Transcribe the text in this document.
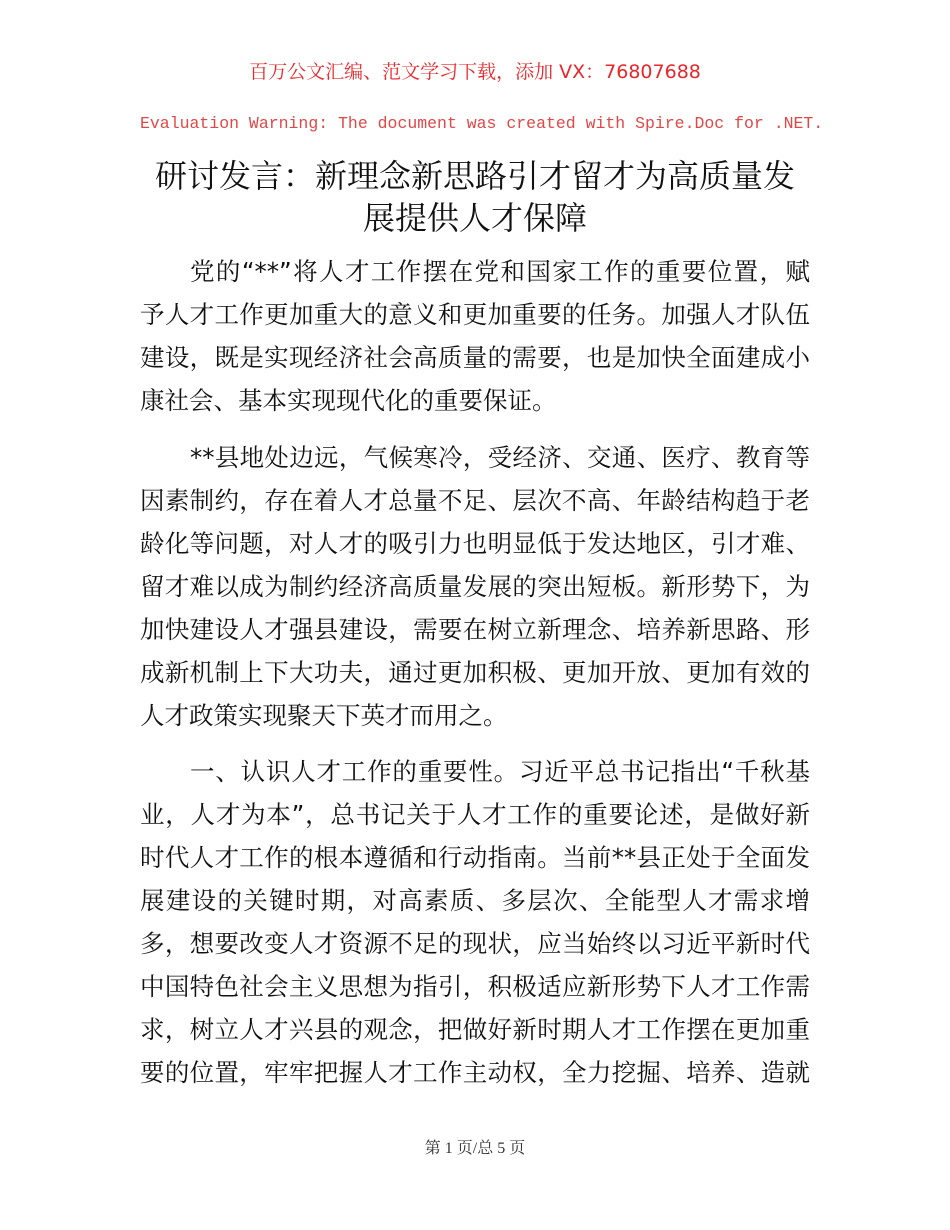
百万公文汇编、范文学习下载，添加 VX：76807688
Evaluation Warning: The document was created with Spire.Doc for .NET.
研讨发言：新理念新思路引才留才为高质量发
展提供人才保障
党的“**”将人才工作摆在党和国家工作的重要位置，赋
予人才工作更加重大的意义和更加重要的任务。加强人才队伍
建设，既是实现经济社会高质量的需要，也是加快全面建成小
康社会、基本实现现代化的重要保证。
**县地处边远，气候寒冷，受经济、交通、医疗、教育等
因素制约，存在着人才总量不足、层次不高、年龄结构趋于老
龄化等问题，对人才的吸引力也明显低于发达地区，引才难、
留才难以成为制约经济高质量发展的突出短板。新形势下，为
加快建设人才强县建设，需要在树立新理念、培养新思路、形
成新机制上下大功夫，通过更加积极、更加开放、更加有效的
人才政策实现聚天下英才而用之。
一、认识人才工作的重要性。习近平总书记指出“千秋基
业，人才为本”，总书记关于人才工作的重要论述，是做好新
时代人才工作的根本遵循和行动指南。当前**县正处于全面发
展建设的关键时期，对高素质、多层次、全能型人才需求增
多，想要改变人才资源不足的现状，应当始终以习近平新时代
中国特色社会主义思想为指引，积极适应新形势下人才工作需
求，树立人才兴县的观念，把做好新时期人才工作摆在更加重
要的位置，牢牢把握人才工作主动权，全力挖掘、培养、造就
第 1 页/总 5 页
